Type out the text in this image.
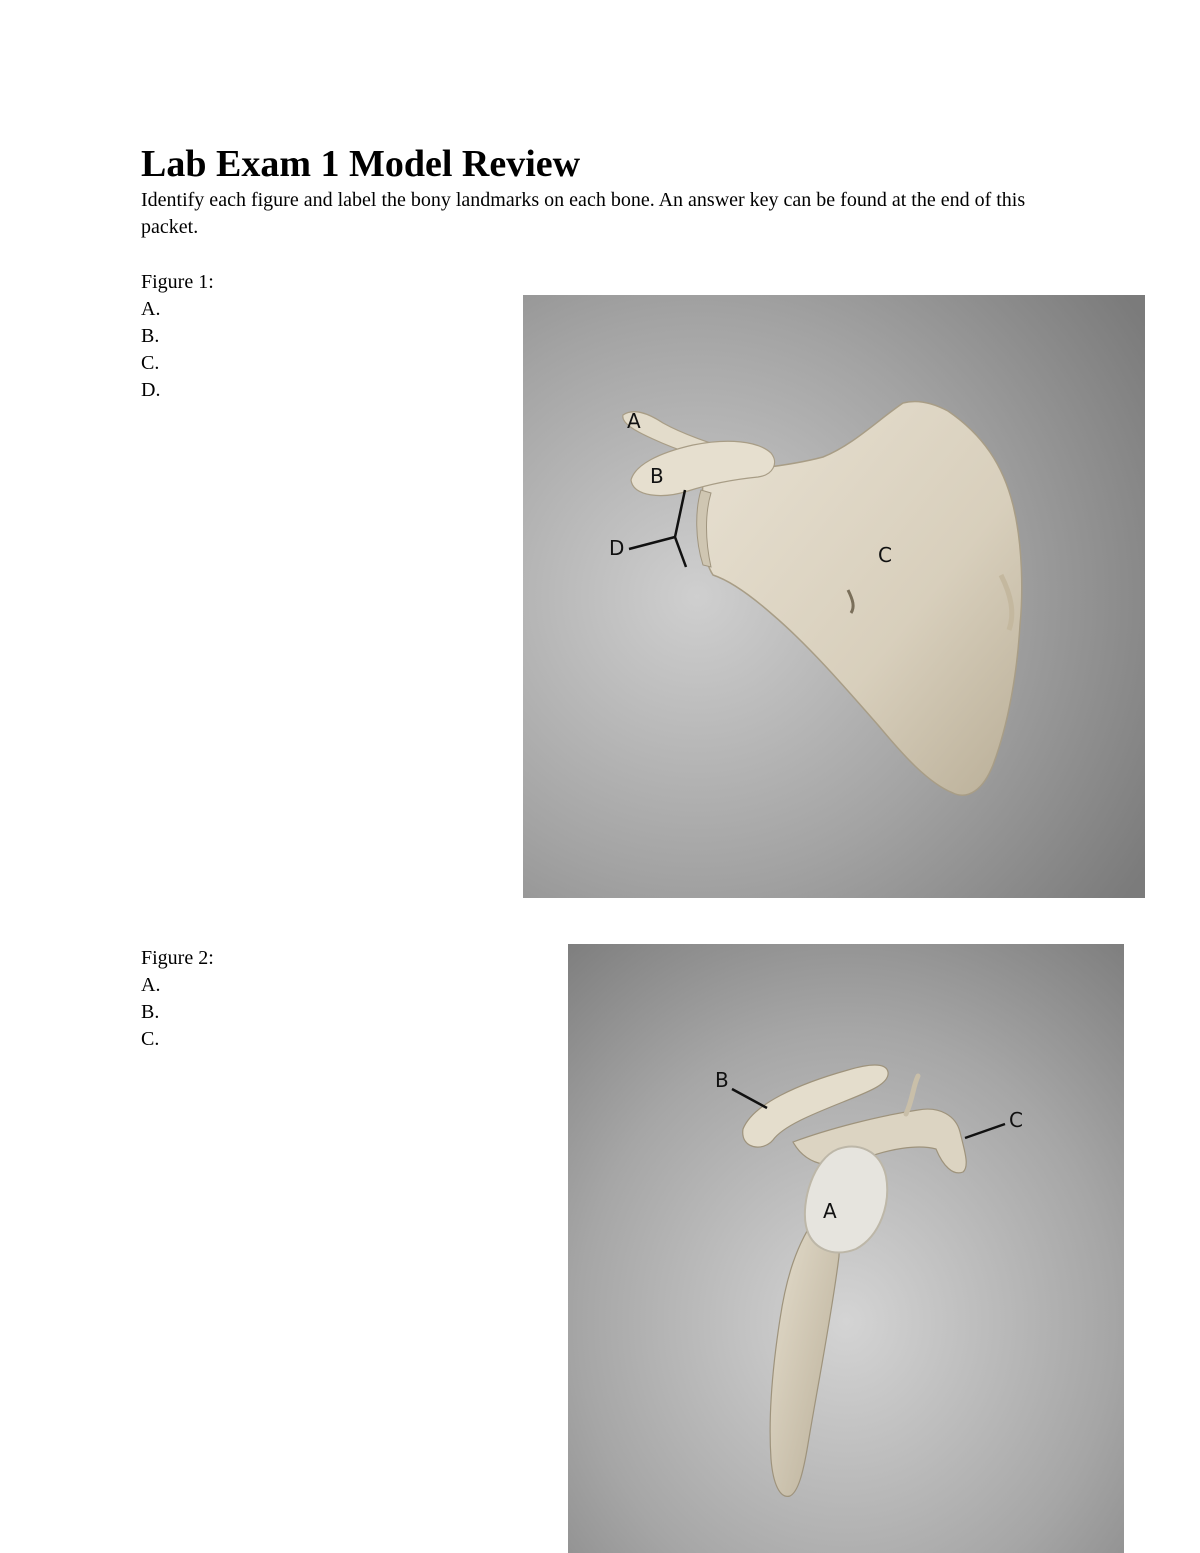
Lab Exam 1 Model Review

Identify each figure and label the bony landmarks on each bone. An answer key can be found at the end of this packet.

Figure 1:
A.
B.
C.
D.
A
B
C
D
Figure 2:
A.
B.
C.
B
C
A
